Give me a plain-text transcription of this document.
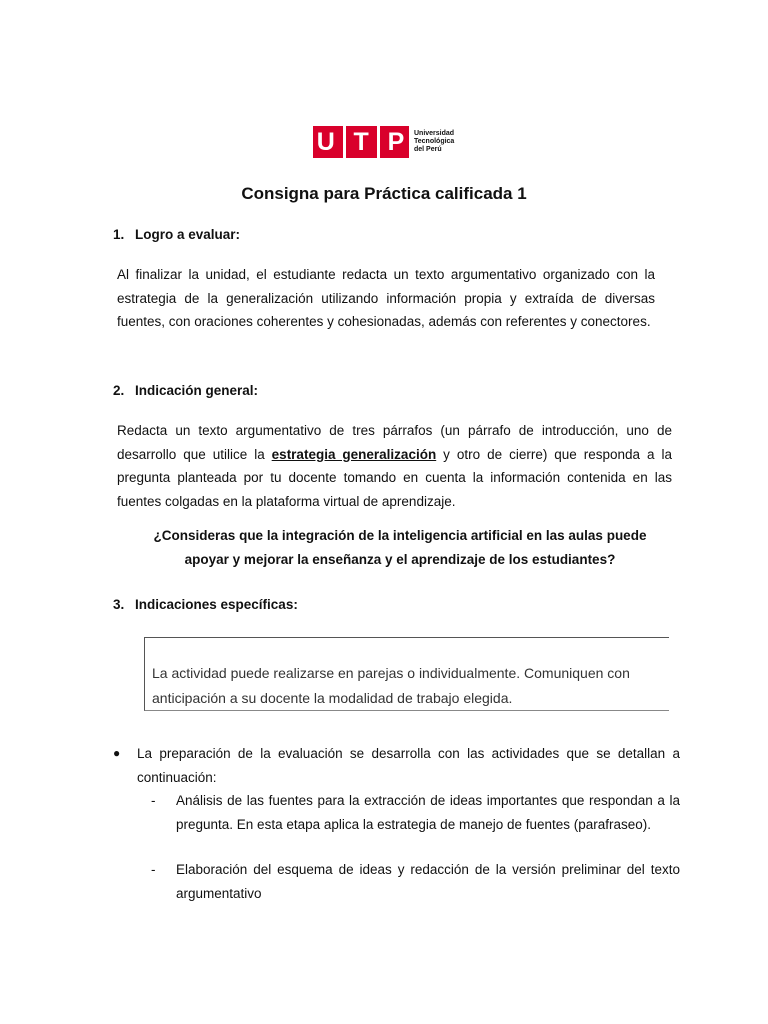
U T P Universidad
Tecnológica
del Perú
Consigna para Práctica calificada 1
1. Logro a evaluar:
Al finalizar la unidad, el estudiante redacta un texto argumentativo organizado con la estrategia de la generalización utilizando información propia y extraída de diversas fuentes, con oraciones coherentes y cohesionadas, además con referentes y conectores.
2. Indicación general:
Redacta un texto argumentativo de tres párrafos (un párrafo de introducción, uno de desarrollo que utilice la estrategia generalización y otro de cierre) que responda a la pregunta planteada por tu docente tomando en cuenta la información contenida en las fuentes colgadas en la plataforma virtual de aprendizaje.
¿Consideras que la integración de la inteligencia artificial en las aulas puede apoyar y mejorar la enseñanza y el aprendizaje de los estudiantes?
3. Indicaciones específicas:
La actividad puede realizarse en parejas o individualmente. Comuniquen con anticipación a su docente la modalidad de trabajo elegida.
● La preparación de la evaluación se desarrolla con las actividades que se detallan a continuación:
- Análisis de las fuentes para la extracción de ideas importantes que respondan a la pregunta. En esta etapa aplica la estrategia de manejo de fuentes (parafraseo).
- Elaboración del esquema de ideas y redacción de la versión preliminar del texto argumentativo
